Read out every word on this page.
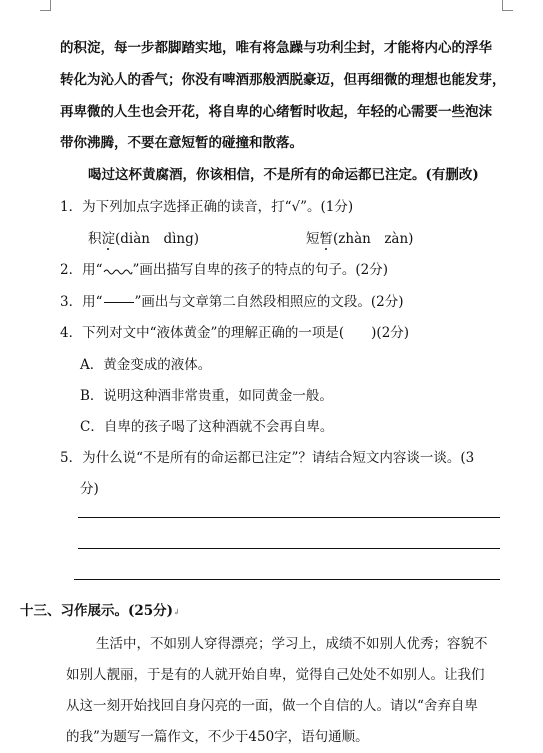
的积淀，每一步都脚踏实地，唯有将急躁与功利尘封，才能将内心的浮华
转化为沁人的香气；你没有啤酒那般洒脱豪迈，但再细微的理想也能发芽，
再卑微的人生也会开花，将自卑的心绪暂时收起，年轻的心需要一些泡沫
带你沸腾，不要在意短暂的碰撞和散落。
喝过这杯黄腐酒，你该相信，不是所有的命运都已注定。(有删改)
1．为下列加点字选择正确的读音，打“√”。(1分)
积淀(diàn　dìng)	短暂(zhàn　zàn)
2．用“ ”画出描写自卑的孩子的特点的句子。(2分)
3．用“ ”画出与文章第二自然段相照应的文段。(2分)
4．下列对文中“液体黄金”的理解正确的一项是(　　)(2分)
A．黄金变成的液体。
B．说明这种酒非常贵重，如同黄金一般。
C．自卑的孩子喝了这种酒就不会再自卑。
5．为什么说“不是所有的命运都已注定”？请结合短文内容谈一谈。(3
分)
十三、习作展示。(25分)↲
生活中，不如别人穿得漂亮；学习上，成绩不如别人优秀；容貌不
如别人靓丽，于是有的人就开始自卑，觉得自己处处不如别人。让我们
从这一刻开始找回自身闪亮的一面，做一个自信的人。请以“舍弃自卑
的我”为题写一篇作文，不少于450字，语句通顺。
